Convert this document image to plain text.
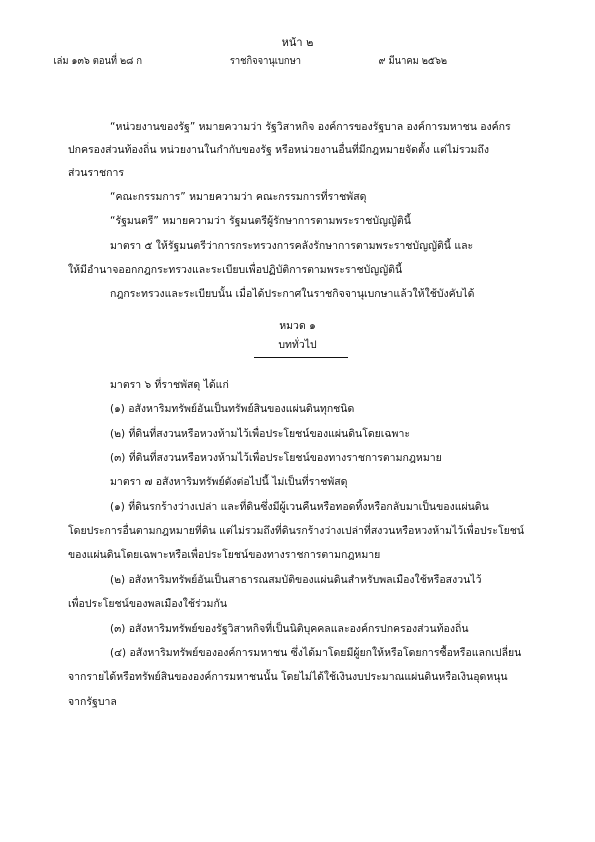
หน้า ๒
เล่ม ๑๓๖ ตอนที่ ๒๘ ก	ราชกิจจานุเบกษา	๙ มีนาคม ๒๕๖๒
“หน่วยงานของรัฐ” หมายความว่า รัฐวิสาหกิจ องค์การของรัฐบาล องค์การมหาชน องค์กร
ปกครองส่วนท้องถิ่น หน่วยงานในกำกับของรัฐ หรือหน่วยงานอื่นที่มีกฎหมายจัดตั้ง แต่ไม่รวมถึง
ส่วนราชการ
“คณะกรรมการ” หมายความว่า คณะกรรมการที่ราชพัสดุ
“รัฐมนตรี” หมายความว่า รัฐมนตรีผู้รักษาการตามพระราชบัญญัตินี้
มาตรา ๕ ให้รัฐมนตรีว่าการกระทรวงการคลังรักษาการตามพระราชบัญญัตินี้ และ
ให้มีอำนาจออกกฎกระทรวงและระเบียบเพื่อปฏิบัติการตามพระราชบัญญัตินี้
กฎกระทรวงและระเบียบนั้น เมื่อได้ประกาศในราชกิจจานุเบกษาแล้วให้ใช้บังคับได้
หมวด ๑
บททั่วไป
มาตรา ๖ ที่ราชพัสดุ ได้แก่
(๑) อสังหาริมทรัพย์อันเป็นทรัพย์สินของแผ่นดินทุกชนิด
(๒) ที่ดินที่สงวนหรือหวงห้ามไว้เพื่อประโยชน์ของแผ่นดินโดยเฉพาะ
(๓) ที่ดินที่สงวนหรือหวงห้ามไว้เพื่อประโยชน์ของทางราชการตามกฎหมาย
มาตรา ๗ อสังหาริมทรัพย์ดังต่อไปนี้ ไม่เป็นที่ราชพัสดุ
(๑) ที่ดินรกร้างว่างเปล่า และที่ดินซึ่งมีผู้เวนคืนหรือทอดทิ้งหรือกลับมาเป็นของแผ่นดิน
โดยประการอื่นตามกฎหมายที่ดิน แต่ไม่รวมถึงที่ดินรกร้างว่างเปล่าที่สงวนหรือหวงห้ามไว้เพื่อประโยชน์
ของแผ่นดินโดยเฉพาะหรือเพื่อประโยชน์ของทางราชการตามกฎหมาย
(๒) อสังหาริมทรัพย์อันเป็นสาธารณสมบัติของแผ่นดินสำหรับพลเมืองใช้หรือสงวนไว้
เพื่อประโยชน์ของพลเมืองใช้ร่วมกัน
(๓) อสังหาริมทรัพย์ของรัฐวิสาหกิจที่เป็นนิติบุคคลและองค์กรปกครองส่วนท้องถิ่น
(๔) อสังหาริมทรัพย์ขององค์การมหาชน ซึ่งได้มาโดยมีผู้ยกให้หรือโดยการซื้อหรือแลกเปลี่ยน
จากรายได้หรือทรัพย์สินขององค์การมหาชนนั้น โดยไม่ได้ใช้เงินงบประมาณแผ่นดินหรือเงินอุดหนุน
จากรัฐบาล
